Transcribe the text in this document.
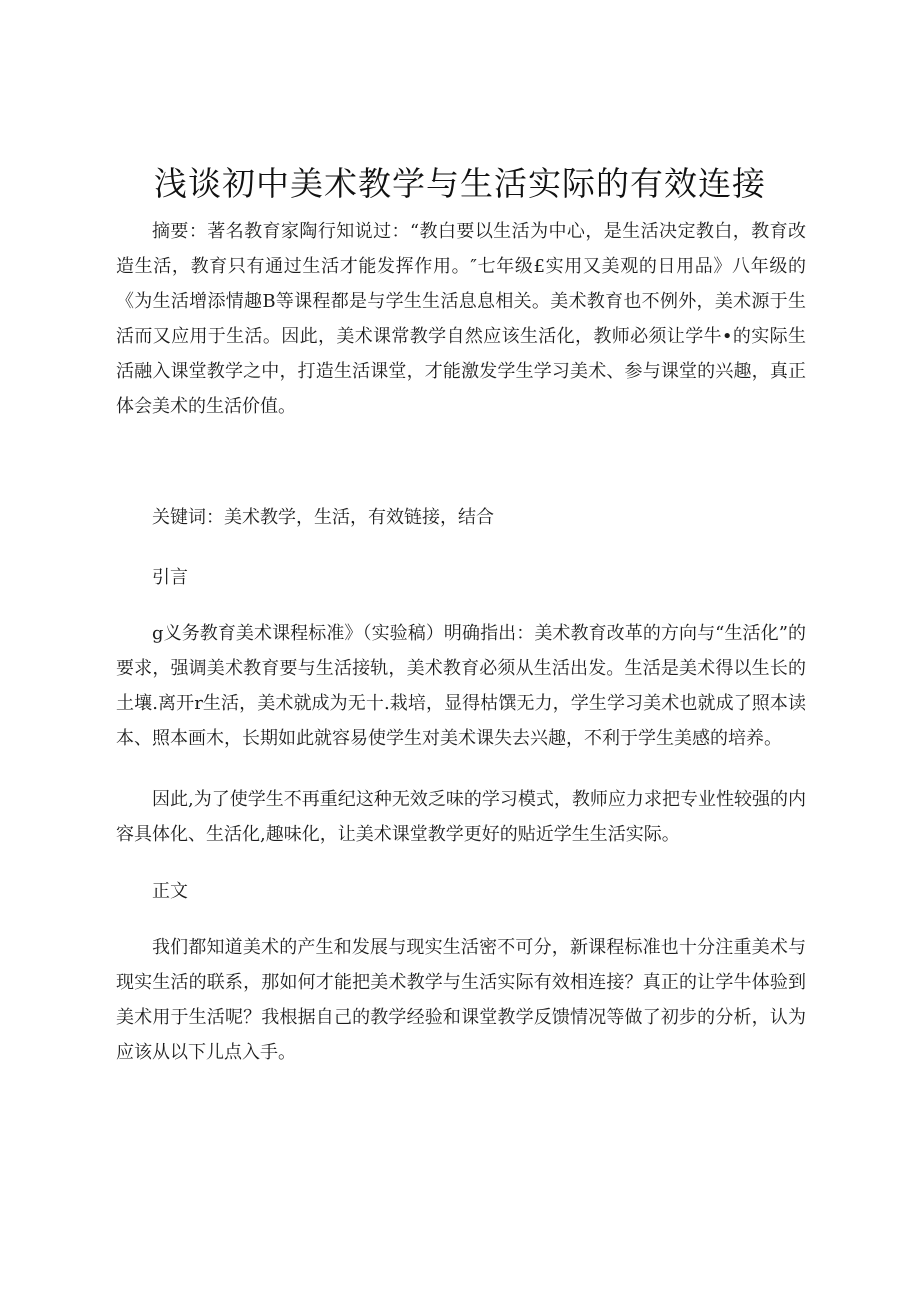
浅谈初中美术教学与生活实际的有效连接

摘要：著名教育家陶行知说过：“教白要以生活为中心，是生活决定教白，教育改造生活，教育只有通过生活才能发挥作用。″七年级£实用又美观的日用品》八年级的《为生活增添情趣B等课程都是与学生生活息息相关。美术教育也不例外，美术源于生活而又应用于生活。因此，美术课常教学自然应该生活化，教师必须让学牛•的实际生活融入课堂教学之中，打造生活课堂，才能激发学生学习美术、参与课堂的兴趣，真正体会美术的生活价值。

关键词：美术教学，生活，有效链接，结合

引言

g义务教育美术课程标准》（实验稿）明确指出：美术教育改革的方向与“生活化”的要求，强调美术教育要与生活接轨，美术教育必须从生活出发。生活是美术得以生长的土壤.离开r生活，美术就成为无十.栽培，显得枯馔无力，学生学习美术也就成了照本读本、照本画木，长期如此就容易使学生对美术课失去兴趣，不利于学生美感的培养。

因此,为了使学生不再重纪这种无效乏味的学习模式，教师应力求把专业性较强的内容具体化、生活化,趣味化，让美术课堂教学更好的贴近学生生活实际。

正文

我们都知道美术的产生和发展与现实生活密不可分，新课程标准也十分注重美术与现实生活的联系，那如何才能把美术教学与生活实际有效相连接？真正的让学牛体验到美术用于生活呢？我根据自己的教学经验和课堂教学反馈情况等做了初步的分析，认为应该从以下儿点入手。
